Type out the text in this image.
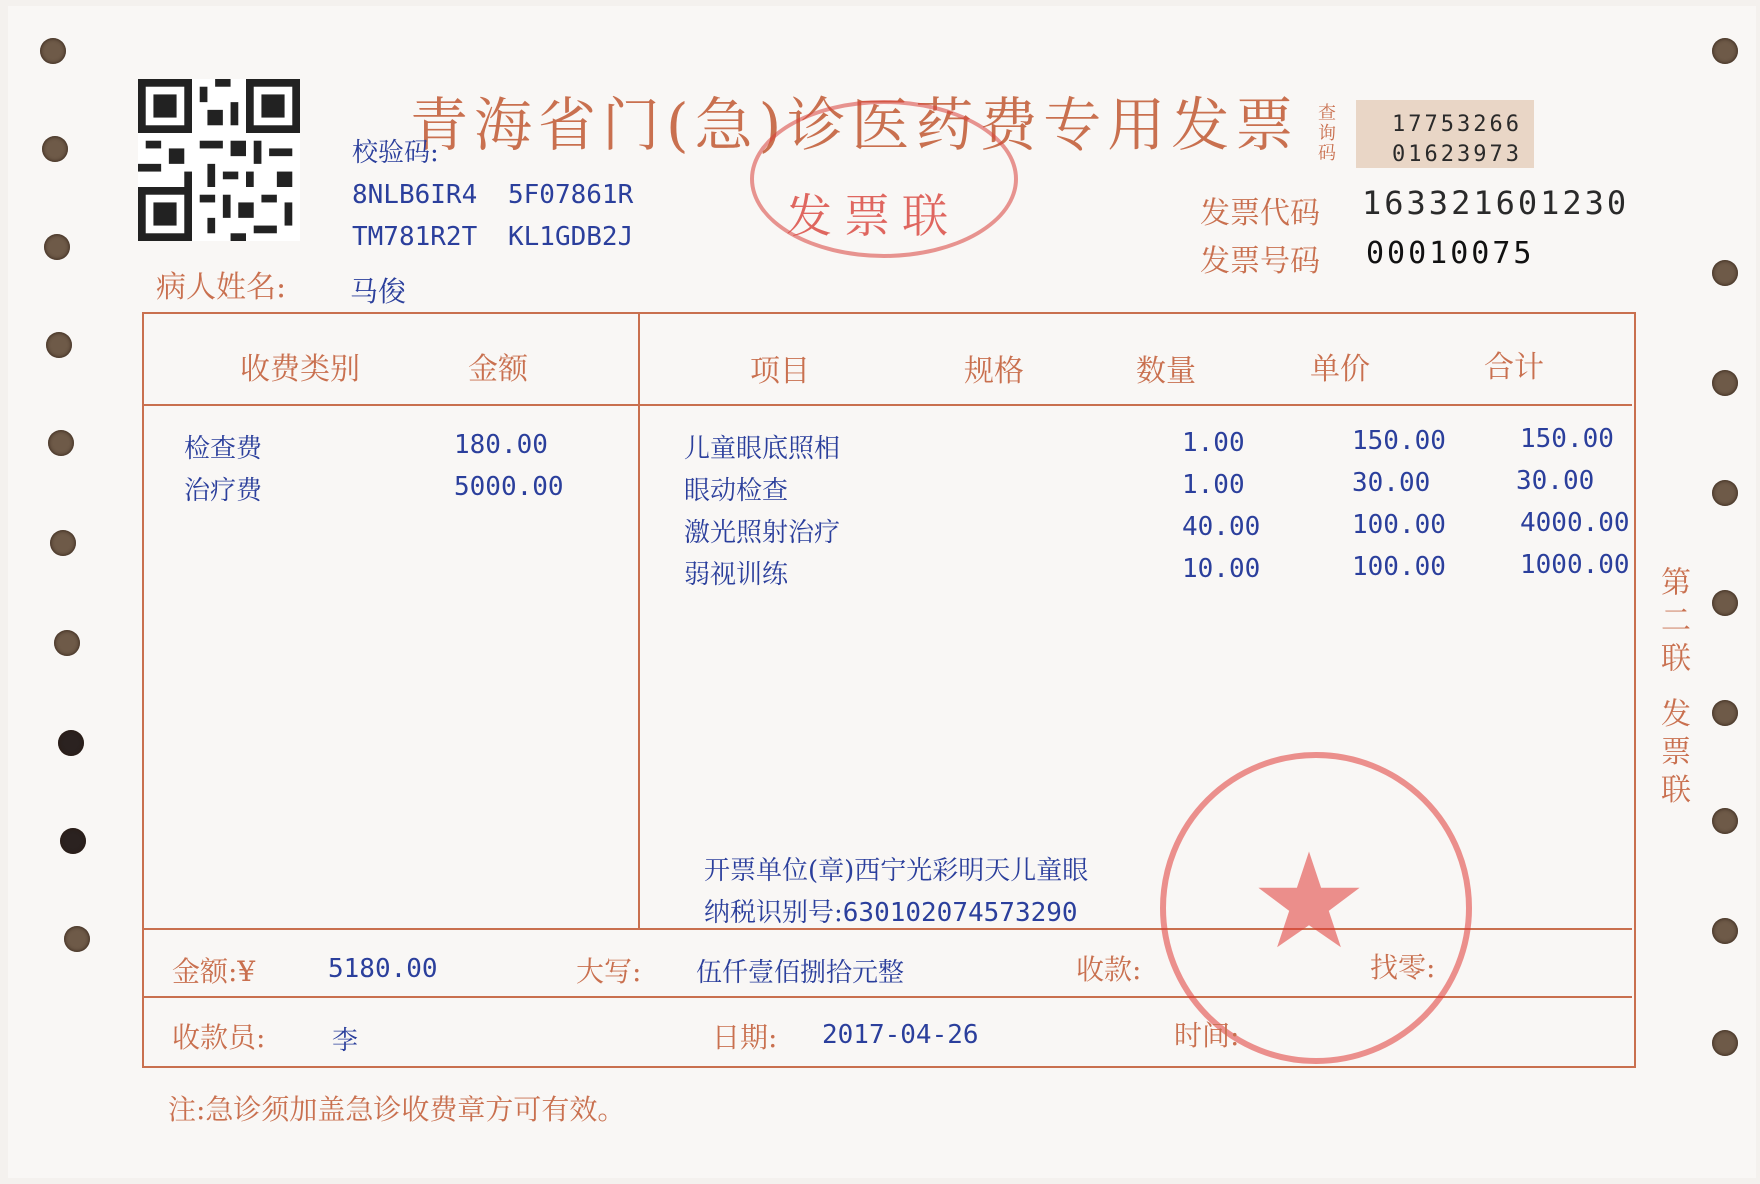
青海省门(急)诊医药费专用发票
发票联
校验码:
8NLB6IR4 5F07861R
TM781R2T KL1GDB2J
病人姓名: 马俊
查询码
17753266
01623973
发票代码 163321601230
发票号码 00010075
收费类别	金额	项目	规格	数量	单价	合计
检查费	180.00
治疗费	5000.00
儿童眼底照相	1.00	150.00	150.00
眼动检查	1.00	30.00	30.00
激光照射治疗	40.00	100.00	4000.00
弱视训练	10.00	100.00	1000.00
开票单位(章)西宁光彩明天儿童眼
纳税识别号:630102074573290
金额:¥	5180.00	大写: 伍仟壹佰捌拾元整	收款:	找零:
收款员:	李	日期: 2017-04-26	时间:
注:急诊须加盖急诊收费章方可有效。
第二联 发票联
